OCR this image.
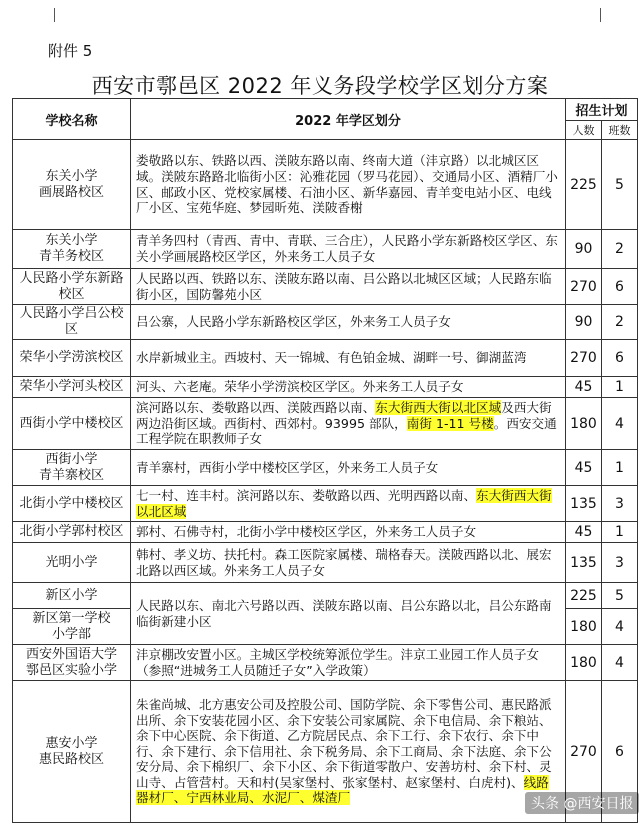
附件 5
西安市鄠邑区 2022 年义务段学校学区划分方案
学校名称	2022 年学区划分	招生计划	
		人数	班数
东关小学
画展路校区	娄敬路以东、铁路以西、渼陂东路以南、终南大道（沣京路）以北城区区域。渼陂东路路北临街小区：沁雅花园（罗马花园）、交通局小区、酒精厂小区、邮政小区、党校家属楼、石油小区、新华嘉园、青羊变电站小区、电线厂小区、宝苑华庭、梦园昕苑、渼陂香榭	225	5
东关小学
青羊务校区	青羊务四村（青西、青中、青联、三合庄），人民路小学东新路校区学区、东关小学画展路校区学区，外来务工人员子女	90	2
人民路小学东新路校区	人民路以西、铁路以东、渼陂东路以南、吕公路以北城区区域；人民路东临街小区，国防馨苑小区	270	6
人民路小学吕公校区	吕公寨，人民路小学东新路校区学区，外来务工人员子女	90	2
荣华小学涝滨校区	水岸新城业主。西坡村、天一锦城、有色铂金城、湖畔一号、御湖蓝湾	270	6
荣华小学河头校区	河头、六老庵。荣华小学涝滨校区学区。外来务工人员子女	45	1
西街小学中楼校区	滨河路以东、娄敬路以西、渼陂西路以南、东大街西大街以北区域及西大街两边沿街区域。西街村、西郊村。93995 部队，南街 1-11 号楼。西安交通工程学院在职教师子女	180	4
西街小学
青羊寨校区	青羊寨村，西街小学中楼校区学区，外来务工人员子女	45	1
北街小学中楼校区	七一村、连丰村。滨河路以东、娄敬路以西、光明西路以南、东大街西大街以北区域	135	3
北街小学郭村校区	郭村、石佛寺村，北街小学中楼校区学区，外来务工人员子女	45	1
光明小学	韩村、孝义坊、扶托村。森工医院家属楼、瑞格春天。渼陂西路以北、展宏北路以西区域。外来务工人员子女	135	3
新区小学	人民路以东、南北六号路以西、渼陂东路以南、吕公东路以北，吕公东路南临街新建小区	225	5
新区第一学校
小学部		180	4
西安外国语大学
鄠邑区实验小学	沣京棚改安置小区。主城区学校统筹派位学生。沣京工业园工作人员子女（参照“进城务工人员随迁子女”入学政策）	180	4
惠安小学
惠民路校区	朱雀尚城、北方惠安公司及控股公司、国防学院、余下零售公司、惠民路派出所、余下安装花园小区、余下安装公司家属院、余下电信局、余下粮站、余下中心医院、余下街道、乙方院居民点、余下工行、余下农行、余下中行、余下建行、余下信用社、余下税务局、余下工商局、余下法庭、余下公安分局、余下棉织厂、余下小区、余下街道零散户、安善坊村、余下村、灵山寺、占管营村。天和村(吴家堡村、张家堡村、赵家堡村、白虎村)、线路器材厂、宁西林业局、水泥厂、煤渣厂	270	6
头条 @西安日报
